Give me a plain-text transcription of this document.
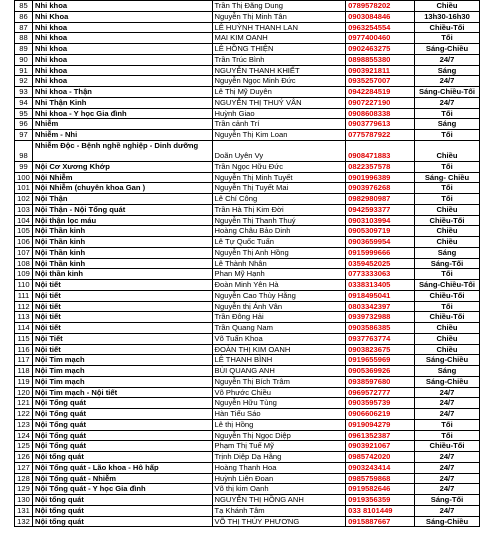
85	Nhi khoa	Trần Thị Đăng Dung	0789578202	Chiều
86	Nhi Khoa	Nguyễn Thị Minh Tân	0903084846	13h30-16h30
87	Nhi khoa	LÊ HUỲNH THANH LAN	0963254554	Chiều-Tối
88	Nhi khoa	MAI KIM OANH	0977400460	Tối
89	Nhi khoa	LÊ HỒNG THIỆN	0902463275	Sáng-Chiều
90	Nhi khoa	Trần Trúc Bình	0898855380	24/7
91	Nhi khoa	NGUYỄN THANH KHIẾT	0903921811	Sáng
92	Nhi khoa	Nguyễn Ngọc Minh Đức	0935257007	24/7
93	Nhi khoa - Thận	Lê Thị Mỹ Duyên	0942284519	Sáng-Chiều-Tối
94	Nhi Thận Kinh	NGUYỄN THỊ THUÝ VÂN	0907227190	24/7
95	Nhi khoa - Y học Gia đình	Huỳnh Giao	0908608338	Tối
96	Nhiễm	Trần cảnh Trí	0903779613	Sáng
97	Nhiễm - Nhi	Nguyễn Thị Kim Loan	0775787922	Tối
98	Nhiễm Độc - Bệnh nghề nghiệp - Dinh dưỡng	Doãn Uyên Vy	0908471883	Chiều
99	Nội Cơ Xương Khớp	Trần Ngọc Hữu Đức	0822357578	Tối
100	Nội Nhiễm	Nguyễn Thị Minh Tuyết	0901996389	Sáng- Chiều
101	Nội Nhiễm (chuyên khoa Gan )	Nguyễn Thị Tuyết Mai	0903976268	Tối
102	Nội Thận	Lê Chí Công	0982980987	Tối
103	Nội Thận - Nội Tổng quát	Trần Hà Thị Kim Đời	0942593377	Chiều
104	Nội thận lọc máu	Nguyễn Thị Thanh Thuý	0903103994	Chiều-Tối
105	Nội Thần kinh	Hoàng Châu Bảo Dinh	0905309719	Chiều
106	Nội Thần kinh	Lê Tự Quốc Tuấn	0903659954	Chiều
107	Nội Thần kinh	Nguyễn Thị Anh Hồng	0915999666	Sáng
108	Nội Thần kinh	Lê Thành Nhân	0359452025	Sáng-Tối
109	Nội thần kinh	Phan Mỹ Hạnh	0773333063	Tối
110	Nội tiết	Đoàn Minh Yên Hà	0338313405	Sáng-Chiều-Tối
111	Nội tiết	Nguyễn Cao Thùy Hằng	0918495041	Chiều-Tối
112	Nội tiết	Nguyễn thị Ánh Vân	0803342397	Tối
113	Nội tiết	Trần Đông Hải	0939732988	Chiều-Tối
114	Nội tiết	Trần Quang Nam	0903586385	Chiều
115	Nội Tiết	Võ Tuấn Khoa	0937763774	Chiều
116	Nội tiết	ĐOÀN THỊ KIM OANH	0903823675	Chiều
117	Nội Tim mạch	LÊ THANH BÌNH	0919655969	Sáng-Chiều
118	Nội Tim mạch	BÙI QUANG ANH	0905369926	Sáng
119	Nội Tim mạch	Nguyễn Thị Bích Trâm	0938597680	Sáng-Chiều
120	Nội Tim mạch - Nội tiết	Võ Phước Chiều	0969572777	24/7
121	Nội Tổng quát	Nguyễn Hữu Tùng	0903595739	24/7
122	Nội Tổng quát	Hàn Tiểu Sáo	0906606219	24/7
123	Nội Tổng quát	Lê thị Hồng	0919094279	Tối
124	Nội Tổng quát	Nguyễn Thị Ngọc Diệp	0961352387	Tối
125	Nội Tổng quát	Phạm Thị Tuế Mỹ	0903921067	Chiều-Tối
126	Nội tổng quát	Trịnh Diệp Dạ Hằng	0985742020	24/7
127	Nội Tổng quát - Lão khoa - Hô hấp	Hoàng Thanh Hoa	0903243414	24/7
128	Nội Tổng quát - Nhiễm	Huỳnh Liên Đoan	0985759868	24/7
129	Nội Tổng quát - Y học Gia đình	Võ thị kim Oanh	0919582646	24/7
130	Nội tổng quát	NGUYỄN THỊ HỒNG ANH	0919356359	Sáng-Tối
131	Nội tổng quát	Tạ Khánh Tâm	033 8101449	24/7
132	Nội tổng quát	VÕ THỊ THÚY PHƯƠNG	0915887667	Sáng-Chiều
